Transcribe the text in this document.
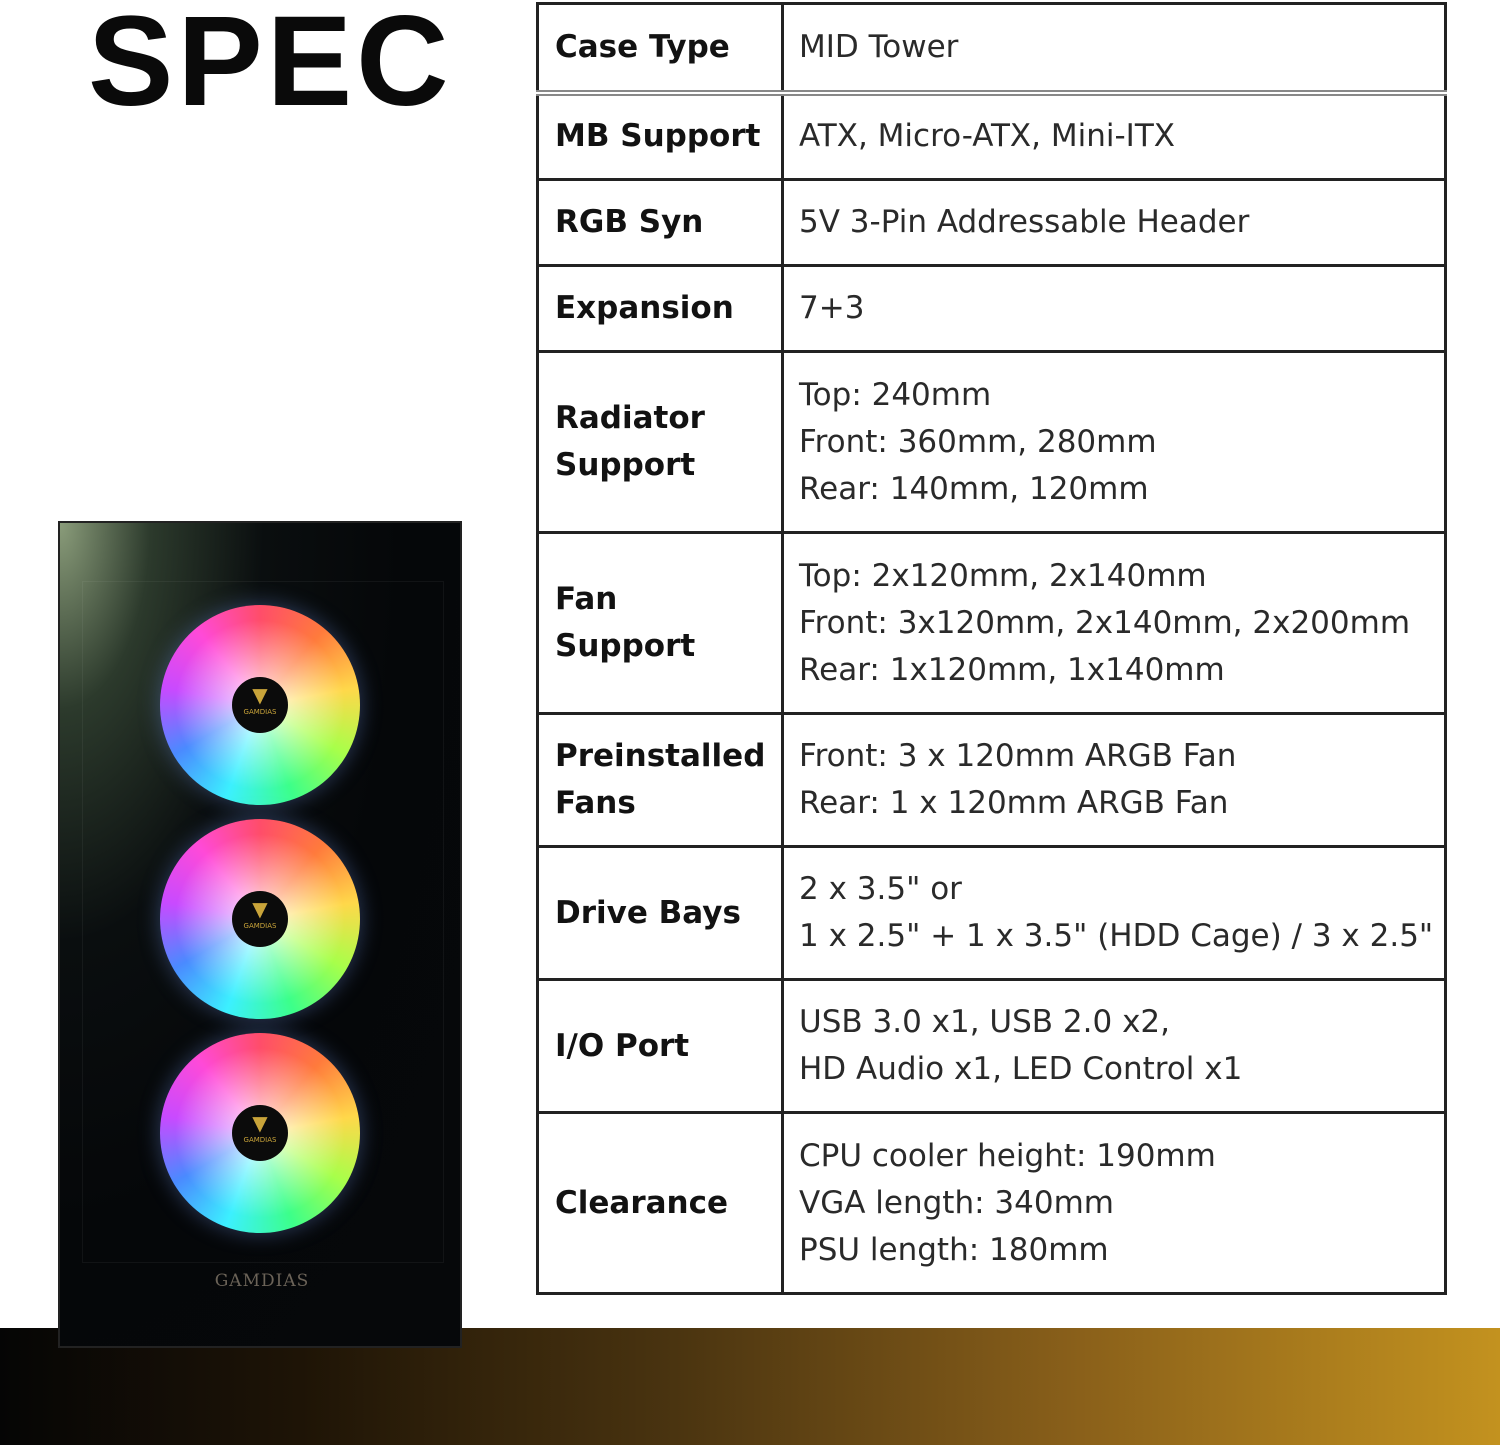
SPEC	Case Type	MID Tower

MB Support	ATX, Micro-ATX, Mini-ITX

RGB Syn	5V 3-Pin Addressable Header

Expansion	7+3

Radiator Support	Top: 240mm
Front: 360mm, 280mm
Rear: 140mm, 120mm

Fan Support	Top: 2x120mm, 2x140mm
Front: 3x120mm, 2x140mm, 2x200mm
Rear: 1x120mm, 1x140mm

Preinstalled Fans	Front: 3 x 120mm ARGB Fan
Rear: 1 x 120mm ARGB Fan

Drive Bays	2 x 3.5" or
1 x 2.5" + 1 x 3.5" (HDD Cage) / 3 x 2.5"

I/O Port	USB 3.0 x1, USB 2.0 x2,
HD Audio x1, LED Control x1

Clearance	CPU cooler height: 190mm
VGA length: 340mm
PSU length: 180mm
▼
GAMDIAS
▼
GAMDIAS
▼
GAMDIAS
GAMDIAS
